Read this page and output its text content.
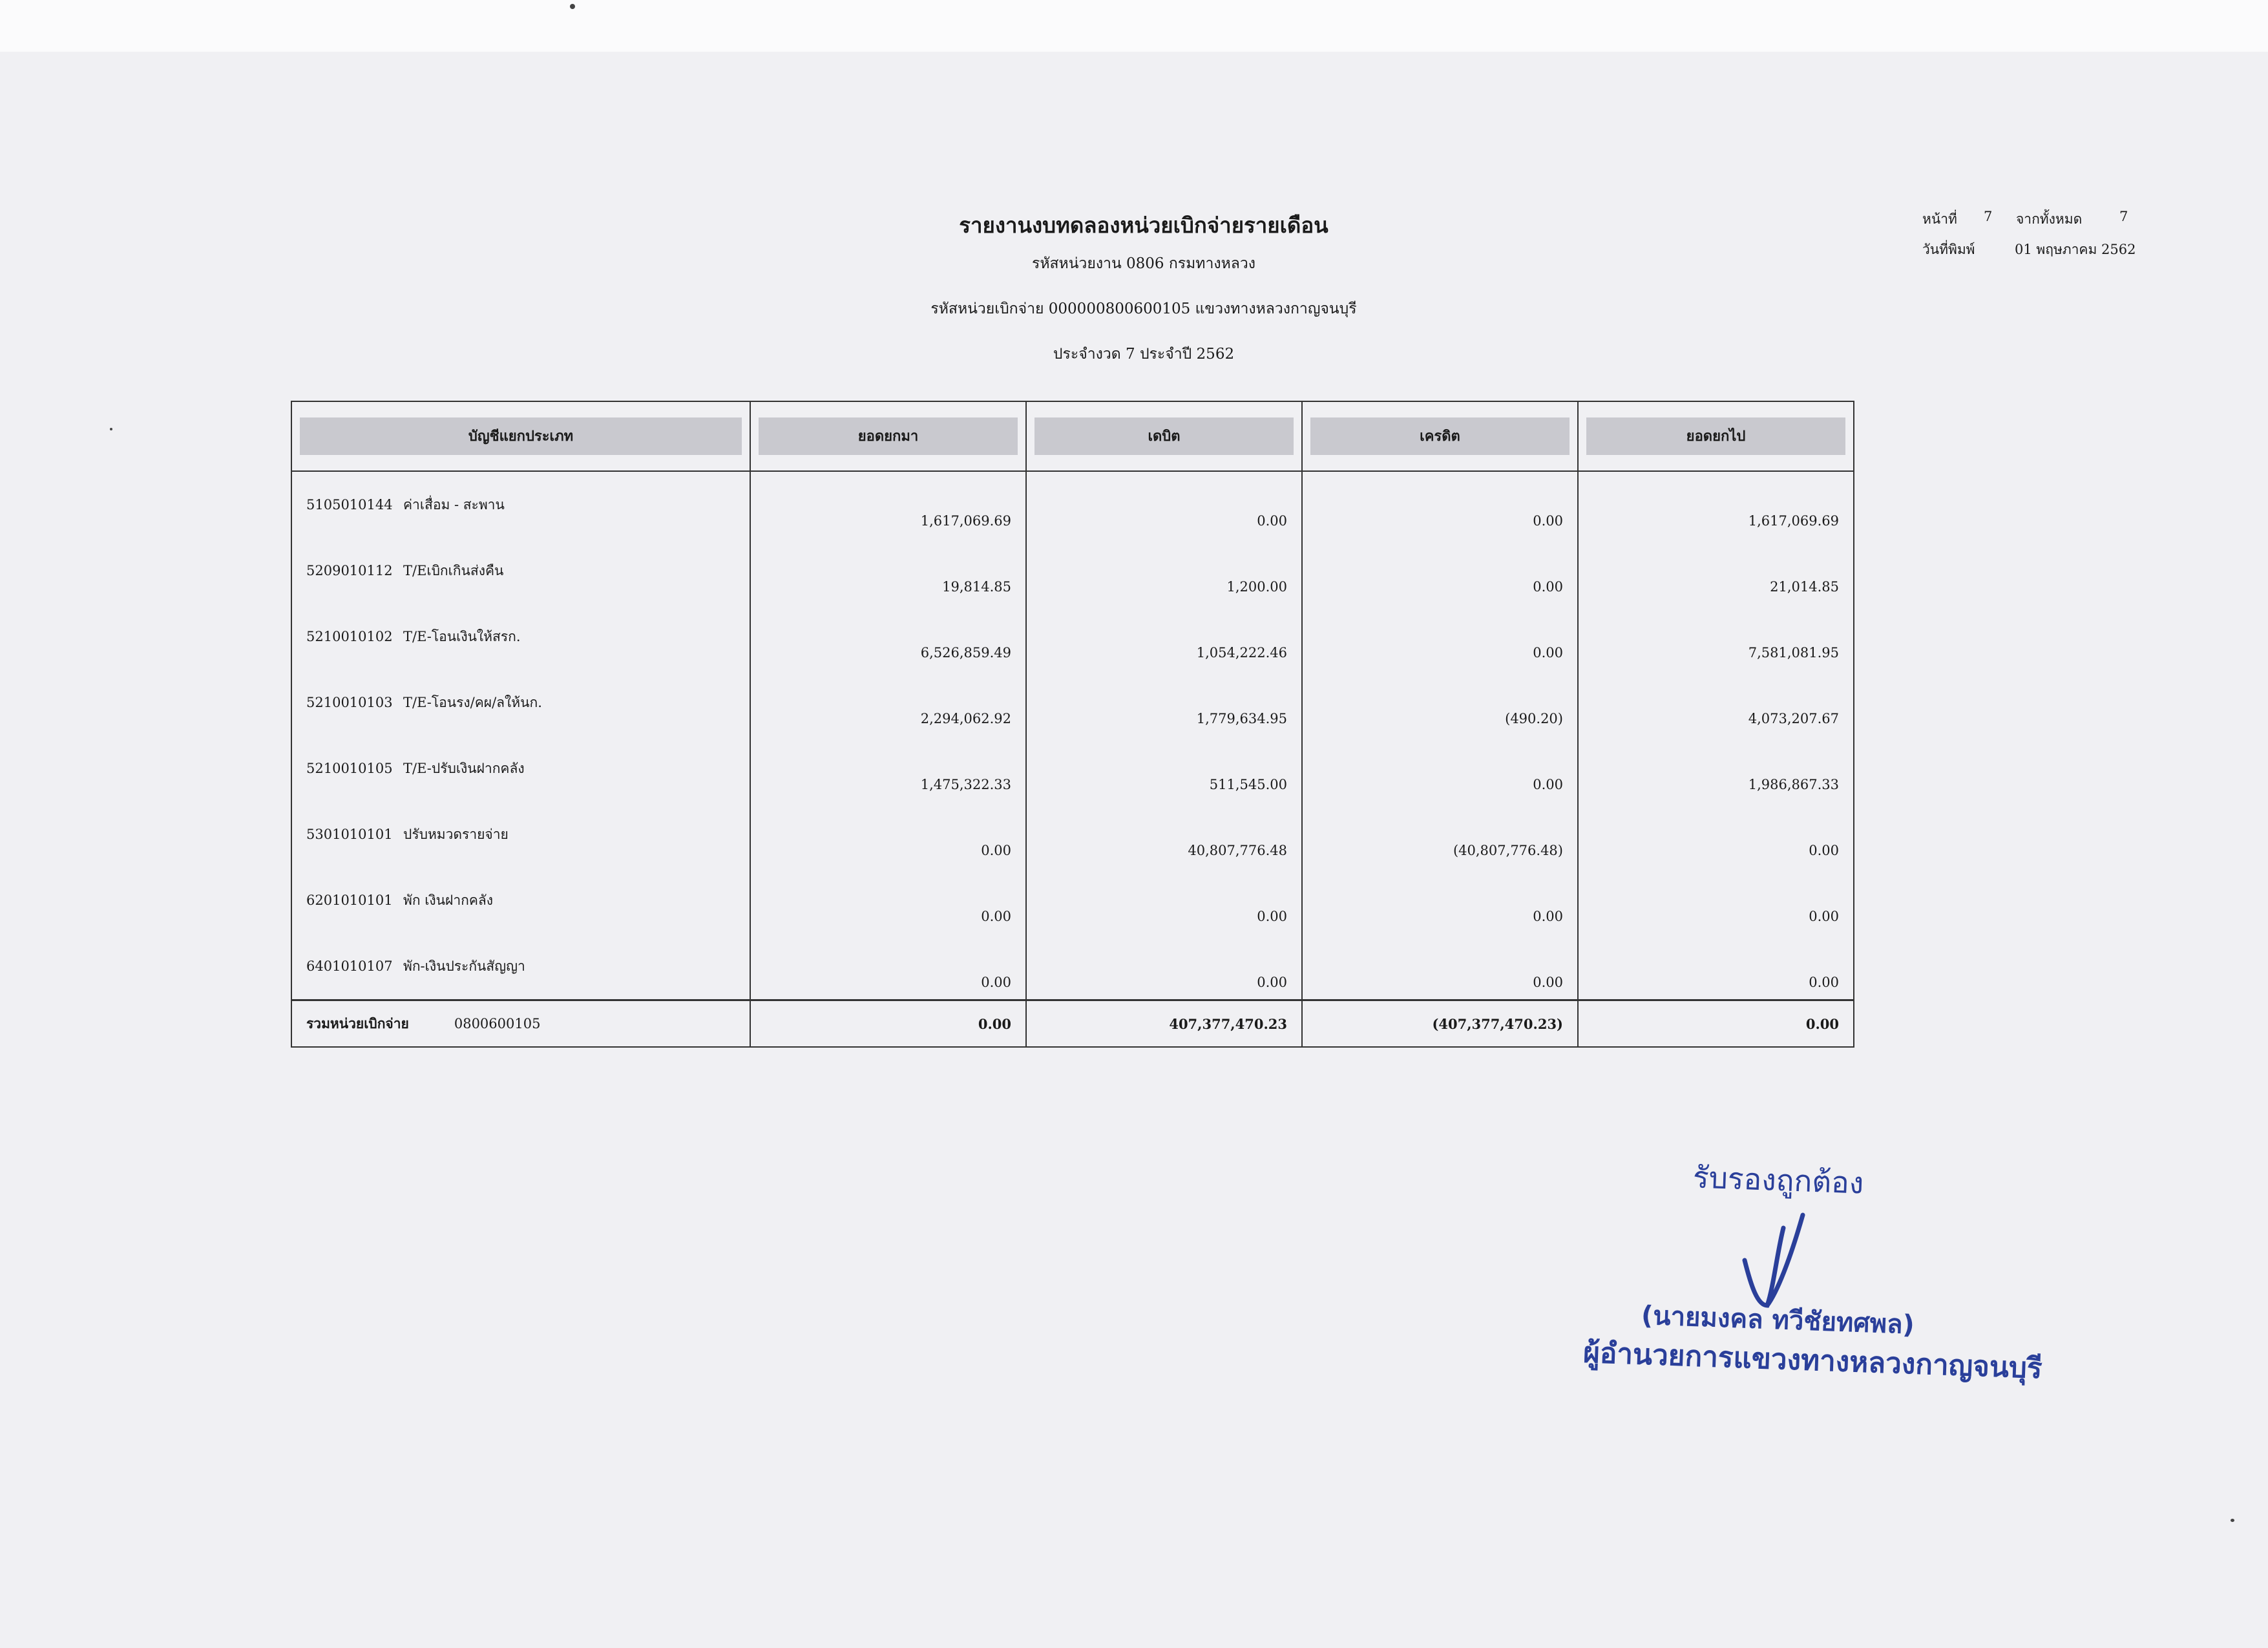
รายงานงบทดลองหน่วยเบิกจ่ายรายเดือน
รหัสหน่วยงาน 0806 กรมทางหลวง
รหัสหน่วยเบิกจ่าย 000000800600105 แขวงทางหลวงกาญจนบุรี
ประจำงวด 7 ประจำปี 2562
หน้าที่ 7 จากทั้งหมด	7
วันที่พิมพ์	01 พฤษภาคม 2562
บัญชีแยกประเภท	ยอดยกมา	เดบิต	เครดิต	ยอดยกไป

5105010144 ค่าเสื่อม - สะพาน	1,617,069.69	0.00	0.00	1,617,069.69
5209010112 T/Eเบิกเกินส่งคืน	19,814.85	1,200.00	0.00	21,014.85
5210010102 T/E-โอนเงินให้สรก.	6,526,859.49	1,054,222.46	0.00	7,581,081.95
5210010103 T/E-โอนรง/คผ/ลให้นก.	2,294,062.92	1,779,634.95	(490.20)	4,073,207.67
5210010105 T/E-ปรับเงินฝากคลัง	1,475,322.33	511,545.00	0.00	1,986,867.33
5301010101 ปรับหมวดรายจ่าย	0.00	40,807,776.48	(40,807,776.48)	0.00
6201010101 พัก เงินฝากคลัง	0.00	0.00	0.00	0.00
6401010107 พัก-เงินประกันสัญญา	0.00	0.00	0.00	0.00
รวมหน่วยเบิกจ่าย 0800600105	0.00	407,377,470.23	(407,377,470.23)	0.00
รับรองถูกต้อง
(นายมงคล ทวีชัยทศพล)
ผู้อำนวยการแขวงทางหลวงกาญจนบุรี
